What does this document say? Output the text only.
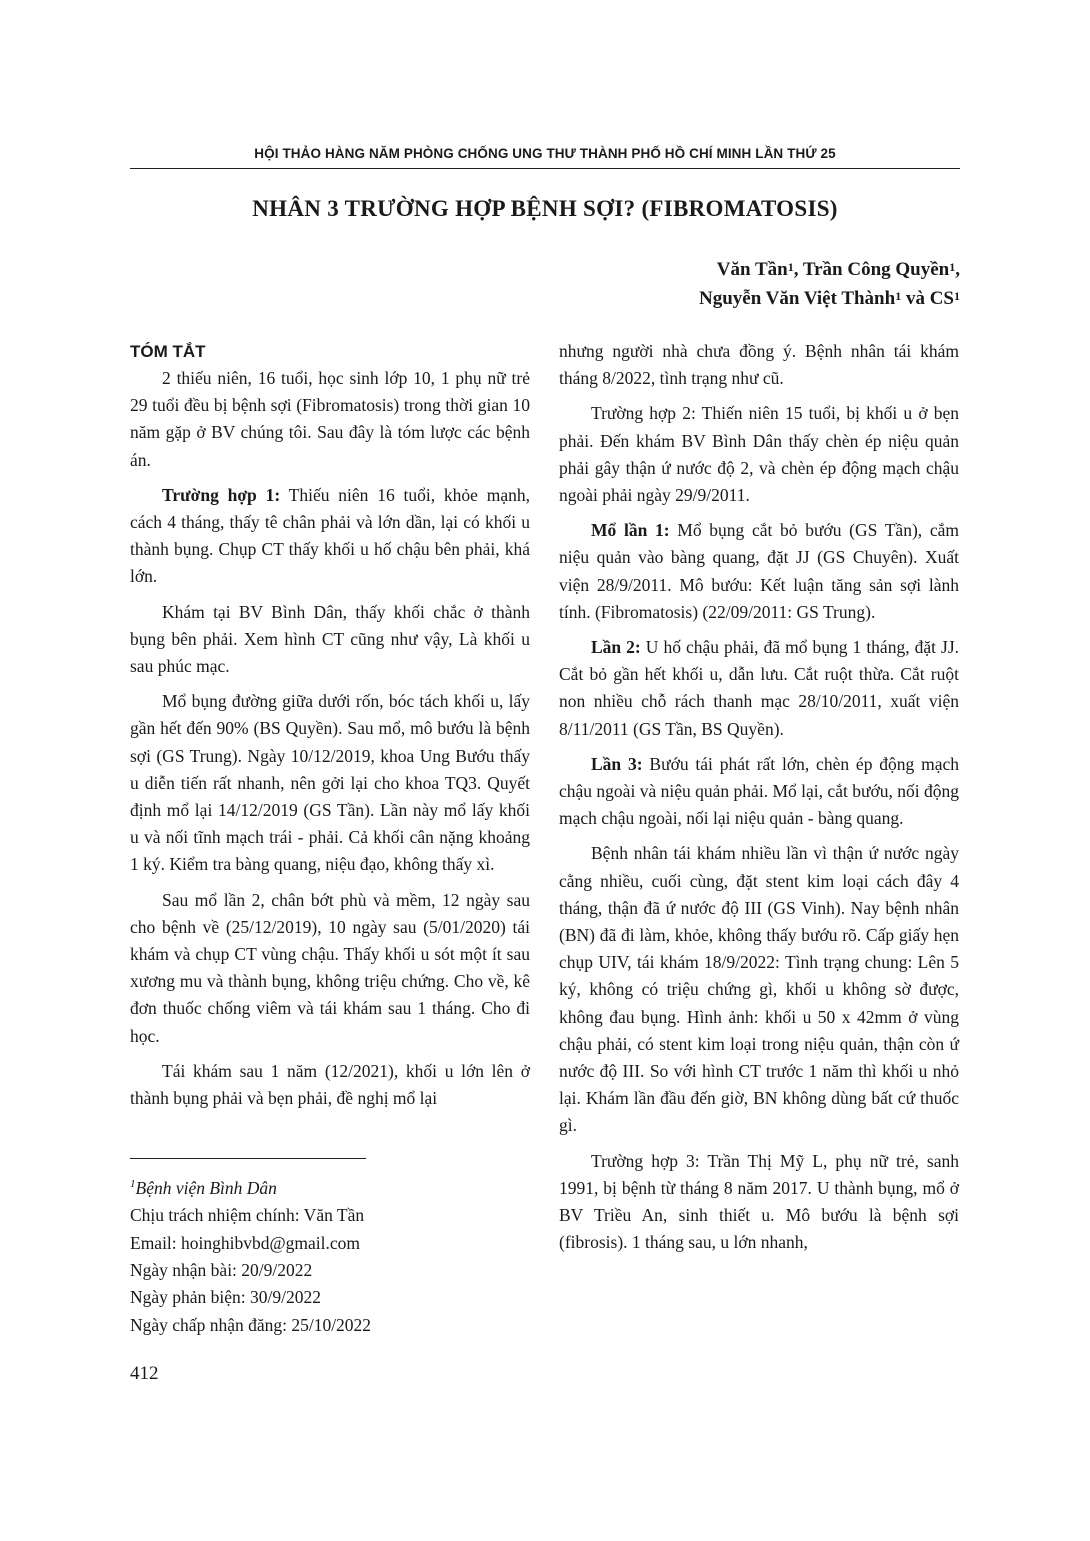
HỘI THẢO HÀNG NĂM PHÒNG CHỐNG UNG THƯ THÀNH PHỐ HỒ CHÍ MINH LẦN THỨ 25
NHÂN 3 TRƯỜNG HỢP BỆNH SỢI? (FIBROMATOSIS)
Văn Tần$^1$, Trần Công Quyền$^1$,
Nguyễn Văn Việt Thành$^1$ và $CS^1$
TÓM TẮT

2 thiếu niên, 16 tuổi, học sinh lớp 10, 1 phụ nữ trẻ 29 tuổi đều bị bệnh sợi (Fibromatosis) trong thời gian 10 năm gặp ở BV chúng tôi. Sau đây là tóm lược các bệnh án.

Trường hợp 1: Thiếu niên 16 tuổi, khỏe mạnh, cách 4 tháng, thấy tê chân phải và lớn dần, lại có khối u thành bụng. Chụp CT thấy khối u hố chậu bên phải, khá lớn.

Khám tại BV Bình Dân, thấy khối chắc ở thành bụng bên phải. Xem hình CT cũng như vậy, Là khối u sau phúc mạc.

Mổ bụng đường giữa dưới rốn, bóc tách khối u, lấy gần hết đến 90% (BS Quyền). Sau mổ, mô bướu là bệnh sợi (GS Trung). Ngày 10/12/2019, khoa Ung Bướu thấy u diễn tiến rất nhanh, nên gởi lại cho khoa TQ3. Quyết định mổ lại 14/12/2019 (GS Tần). Lần này mổ lấy khối u và nối tĩnh mạch trái - phải. Cả khối cân nặng khoảng 1 ký. Kiểm tra bàng quang, niệu đạo, không thấy xì.

Sau mổ lần 2, chân bớt phù và mềm, 12 ngày sau cho bệnh về (25/12/2019), 10 ngày sau (5/01/2020) tái khám và chụp CT vùng chậu. Thấy khối u sót một ít sau xương mu và thành bụng, không triệu chứng. Cho về, kê đơn thuốc chống viêm và tái khám sau 1 tháng. Cho đi học.

Tái khám sau 1 năm (12/2021), khối u lớn lên ở thành bụng phải và bẹn phải, đề nghị mổ lại

$^1$Bệnh viện Bình Dân
Chịu trách nhiệm chính: Văn Tần
Email: hoinghibvbd@gmail.com
Ngày nhận bài: 20/9/2022
Ngày phản biện: 30/9/2022
Ngày chấp nhận đăng: 25/10/2022

nhưng người nhà chưa đồng ý. Bệnh nhân tái khám tháng 8/2022, tình trạng như cũ.

Trường hợp 2: Thiến niên 15 tuổi, bị khối u ở bẹn phải. Đến khám BV Bình Dân thấy chèn ép niệu quản phải gây thận ứ nước độ 2, và chèn ép động mạch chậu ngoài phải ngày 29/9/2011.

Mổ lần 1: Mổ bụng cắt bỏ bướu (GS Tần), cắm niệu quản vào bàng quang, đặt JJ (GS Chuyên). Xuất viện 28/9/2011. Mô bướu: Kết luận tăng sản sợi lành tính. (Fibromatosis) (22/09/2011: GS Trung).

Lần 2: U hố chậu phải, đã mổ bụng 1 tháng, đặt JJ. Cắt bỏ gần hết khối u, dẫn lưu. Cắt ruột thừa. Cắt ruột non nhiều chỗ rách thanh mạc 28/10/2011, xuất viện 8/11/2011 (GS Tần, BS Quyền).

Lần 3: Bướu tái phát rất lớn, chèn ép động mạch chậu ngoài và niệu quản phải. Mổ lại, cắt bướu, nối động mạch chậu ngoài, nối lại niệu quản - bàng quang.

Bệnh nhân tái khám nhiều lần vì thận ứ nước ngày cằng nhiều, cuối cùng, đặt stent kim loại cách đây 4 tháng, thận đã ứ nước độ III (GS Vinh). Nay bệnh nhân (BN) đã đi làm, khỏe, không thấy bướu rõ. Cấp giấy hẹn chụp UIV, tái khám 18/9/2022: Tình trạng chung: Lên 5 ký, không có triệu chứng gì, khối u không sờ được, không đau bụng. Hình ảnh: khối u 50 x 42mm ở vùng chậu phải, có stent kim loại trong niệu quản, thận còn ứ nước độ III. So với hình CT trước 1 năm thì khối u nhỏ lại. Khám lần đầu đến giờ, BN không dùng bất cứ thuốc gì.

Trường hợp 3: Trần Thị Mỹ L, phụ nữ trẻ, sanh 1991, bị bệnh từ tháng 8 năm 2017. U thành bụng, mổ ở BV Triều An, sinh thiết u. Mô bướu là bệnh sợi (fibrosis). 1 tháng sau, u lớn nhanh,

412
